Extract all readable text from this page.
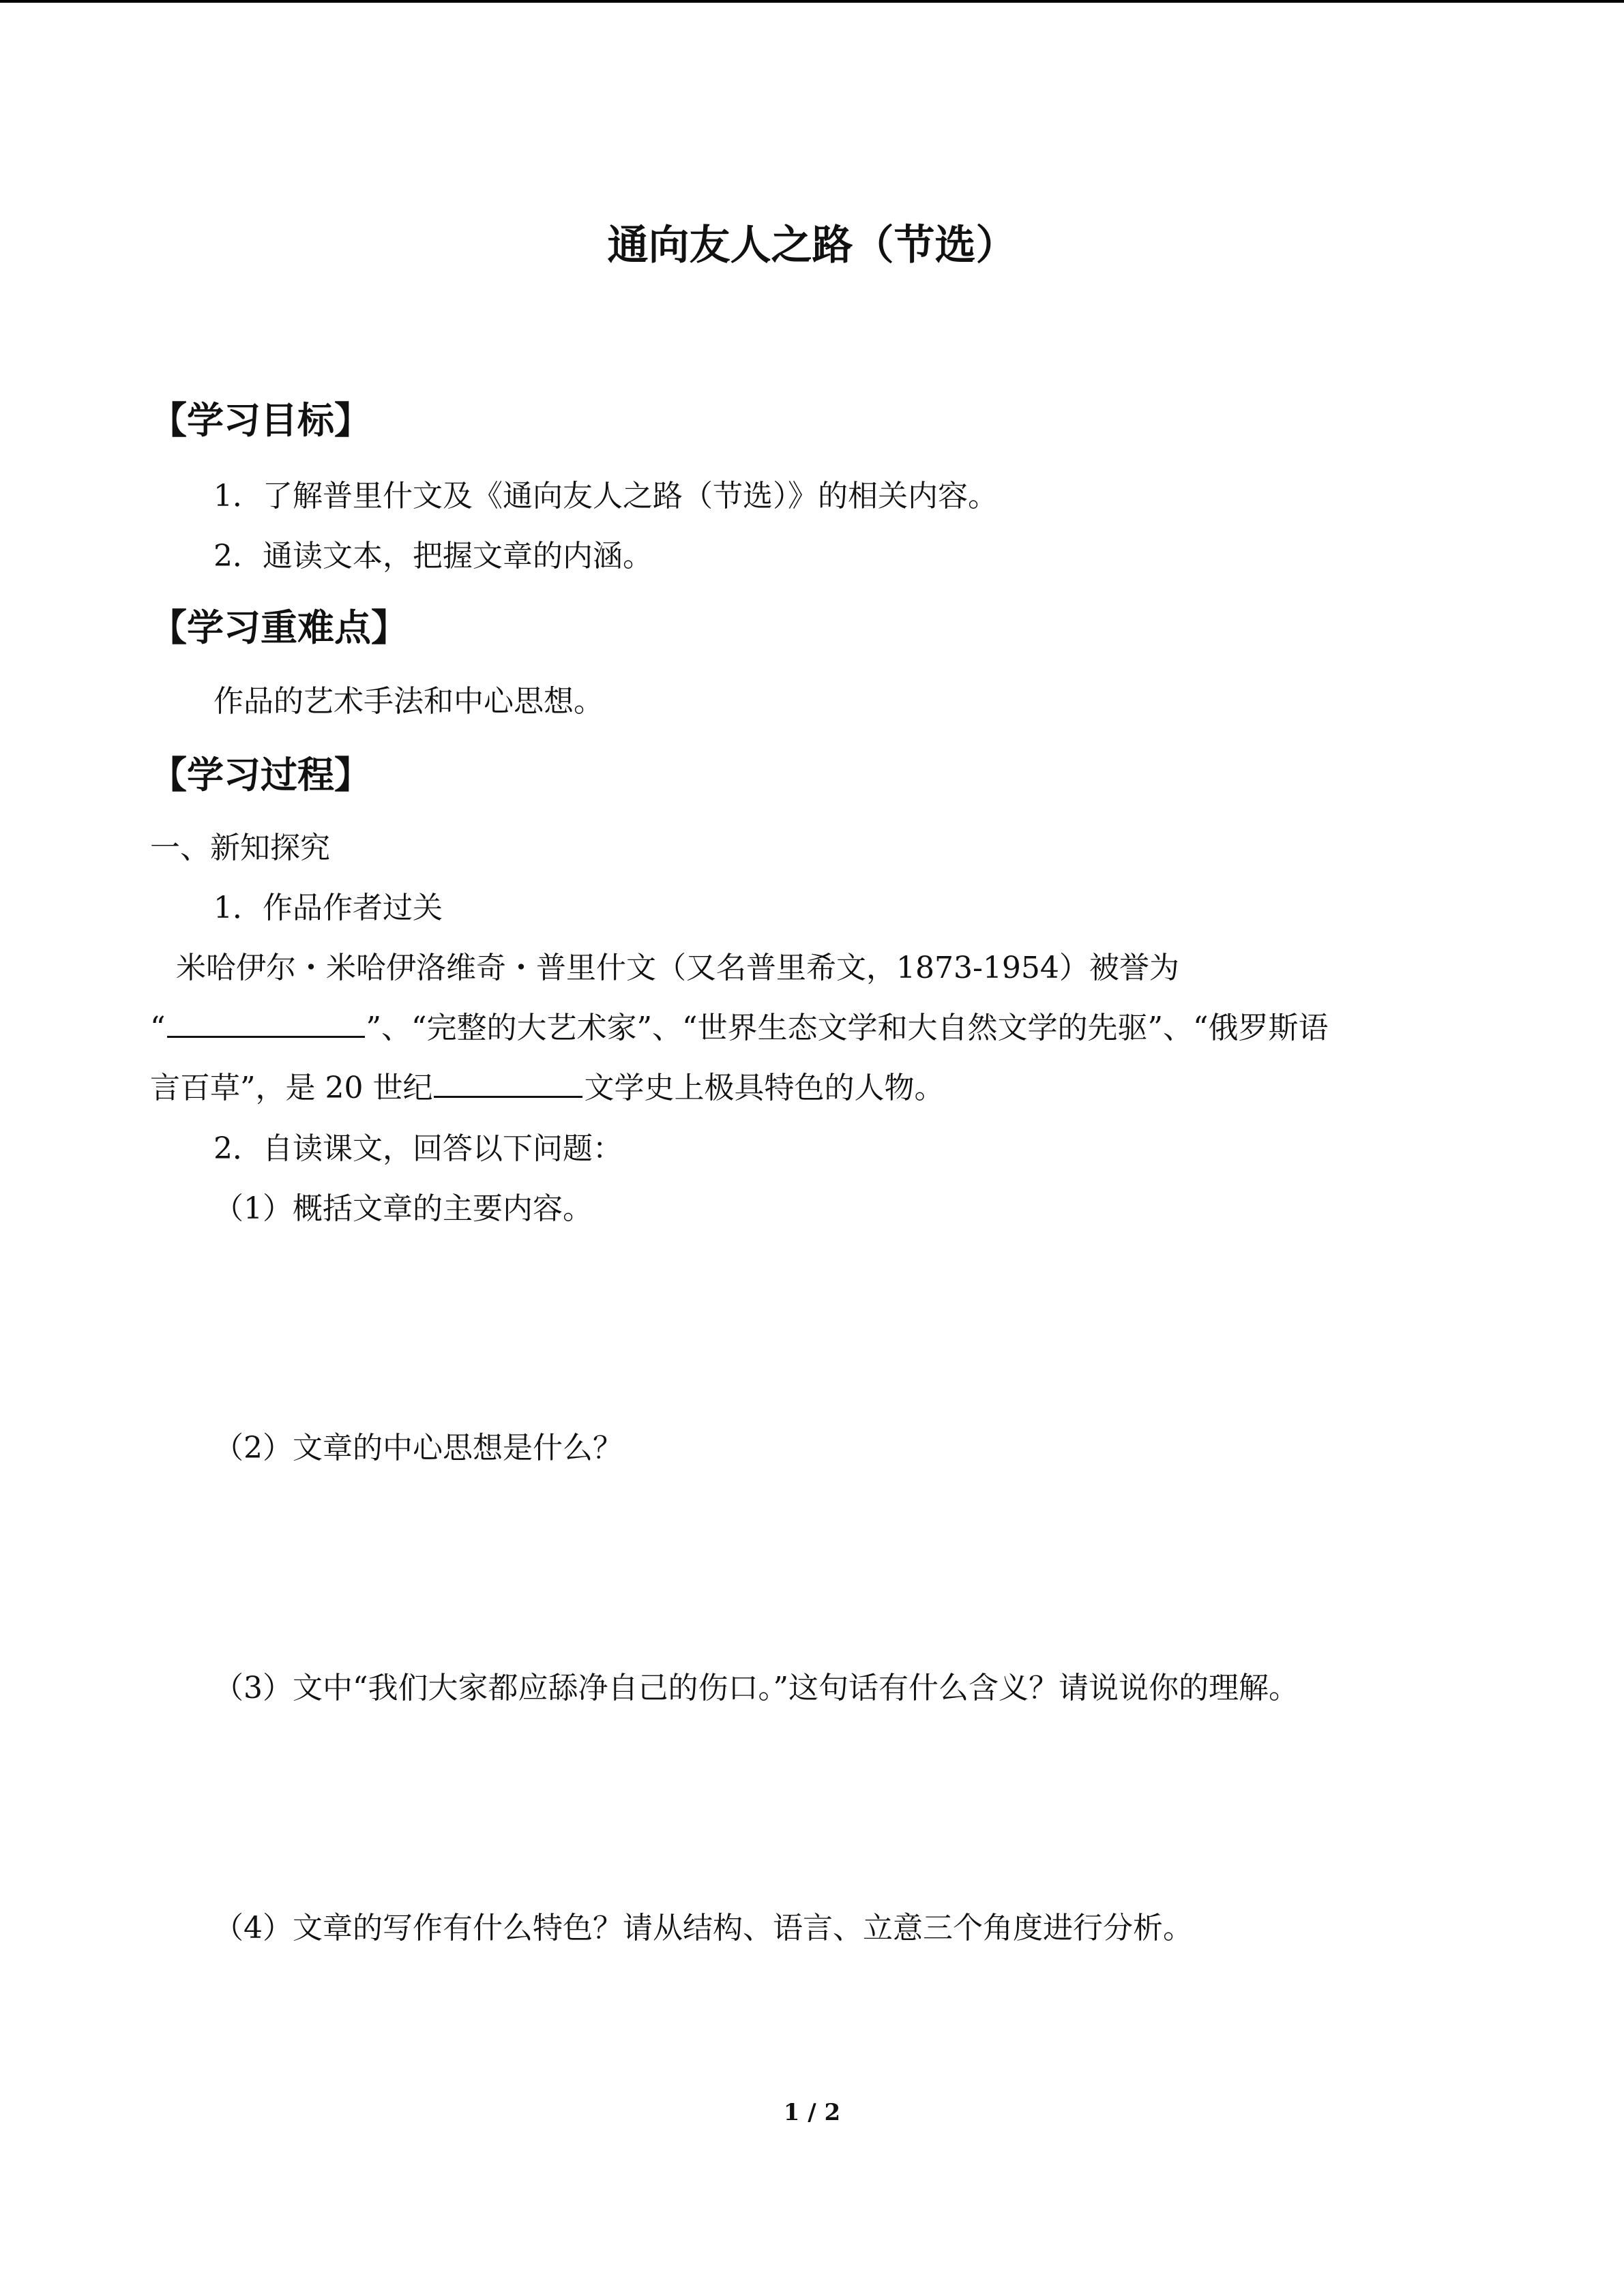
通向友人之路（节选）
【学习目标】
1．了解普里什文及《通向友人之路（节选）》的相关内容。
2．通读文本，把握文章的内涵。
【学习重难点】
作品的艺术手法和中心思想。
【学习过程】
一、新知探究
1．作品作者过关
米哈伊尔・米哈伊洛维奇・普里什文（又名普里希文，1873-1954）被誉为
“	”、“完整的大艺术家”、“世界生态文学和大自然文学的先驱”、“俄罗斯语
言百草”，是 20 世纪	文学史上极具特色的人物。
2．自读课文，回答以下问题：
（1）概括文章的主要内容。
（2）文章的中心思想是什么？
（3）文中“我们大家都应舔净自己的伤口。”这句话有什么含义？请说说你的理解。
（4）文章的写作有什么特色？请从结构、语言、立意三个角度进行分析。
1 / 2
